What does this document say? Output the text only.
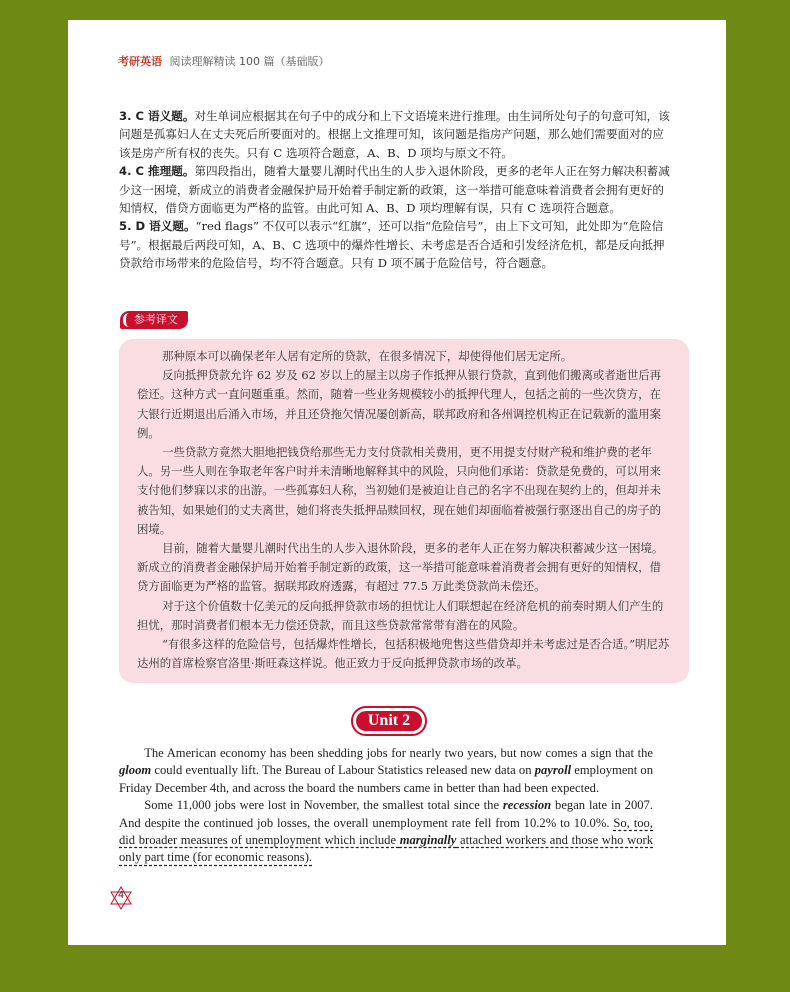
考研英语 阅读理解精读 100 篇（基础版）

3. C 语义题。对生单词应根据其在句子中的成分和上下文语境来进行推理。由生词所处句子的句意可知，该问题是孤寡妇人在丈夫死后所要面对的。根据上文推理可知，该问题是指房产问题，那么她们需要面对的应该是房产所有权的丧失。只有 C 选项符合题意，A、B、D 项均与原文不符。

4. C 推理题。第四段指出，随着大量婴儿潮时代出生的人步入退休阶段，更多的老年人正在努力解决积蓄减少这一困境，新成立的消费者金融保护局开始着手制定新的政策，这一举措可能意味着消费者会拥有更好的知情权，借贷方面临更为严格的监管。由此可知 A、B、D 项均理解有误，只有 C 选项符合题意。

5. D 语义题。“red flags” 不仅可以表示“红旗”，还可以指“危险信号”，由上下文可知，此处即为“危险信号”。根据最后两段可知，A、B、C 选项中的爆炸性增长、未考虑是否合适和引发经济危机，都是反向抵押贷款给市场带来的危险信号，均不符合题意。只有 D 项不属于危险信号，符合题意。

参考译文

那种原本可以确保老年人居有定所的贷款，在很多情况下，却使得他们居无定所。

反向抵押贷款允许 62 岁及 62 岁以上的屋主以房子作抵押从银行贷款，直到他们搬离或者逝世后再偿还。这种方式一直问题重重。然而，随着一些业务规模较小的抵押代理人，包括之前的一些次贷方，在大银行近期退出后涌入市场，并且还贷拖欠情况屡创新高，联邦政府和各州调控机构正在记载新的滥用案例。

一些贷款方竟然大胆地把钱贷给那些无力支付贷款相关费用，更不用提支付财产税和维护费的老年人。另一些人则在争取老年客户时并未清晰地解释其中的风险，只向他们承诺：贷款是免费的，可以用来支付他们梦寐以求的出游。一些孤寡妇人称，当初她们是被迫让自己的名字不出现在契约上的，但却并未被告知，如果她们的丈夫离世，她们将丧失抵押品赎回权，现在她们却面临着被强行驱逐出自己的房子的困境。

目前，随着大量婴儿潮时代出生的人步入退休阶段，更多的老年人正在努力解决积蓄减少这一困境。新成立的消费者金融保护局开始着手制定新的政策，这一举措可能意味着消费者会拥有更好的知情权，借贷方面临更为严格的监管。据联邦政府透露，有超过 77.5 万此类贷款尚未偿还。

对于这个价值数十亿美元的反向抵押贷款市场的担忧让人们联想起在经济危机的前奏时期人们产生的担忧，那时消费者们根本无力偿还贷款，而且这些贷款常常带有潜在的风险。

“有很多这样的危险信号，包括爆炸性增长，包括积极地兜售这些借贷却并未考虑过是否合适。”明尼苏达州的首席检察官洛里·斯旺森这样说。他正致力于反向抵押贷款市场的改革。

Unit 2

The American economy has been shedding jobs for nearly two years, but now comes a sign that the gloom could eventually lift. The Bureau of Labour Statistics released new data on payroll employment on Friday December 4th, and across the board the numbers came in better than had been expected.

Some 11,000 jobs were lost in November, the smallest total since the recession began late in 2007. And despite the continued job losses, the overall unemployment rate fell from 10.2% to 10.0%. So, too, did broader measures of unemployment which include marginally attached workers and those who work only part time (for economic reasons).

4
